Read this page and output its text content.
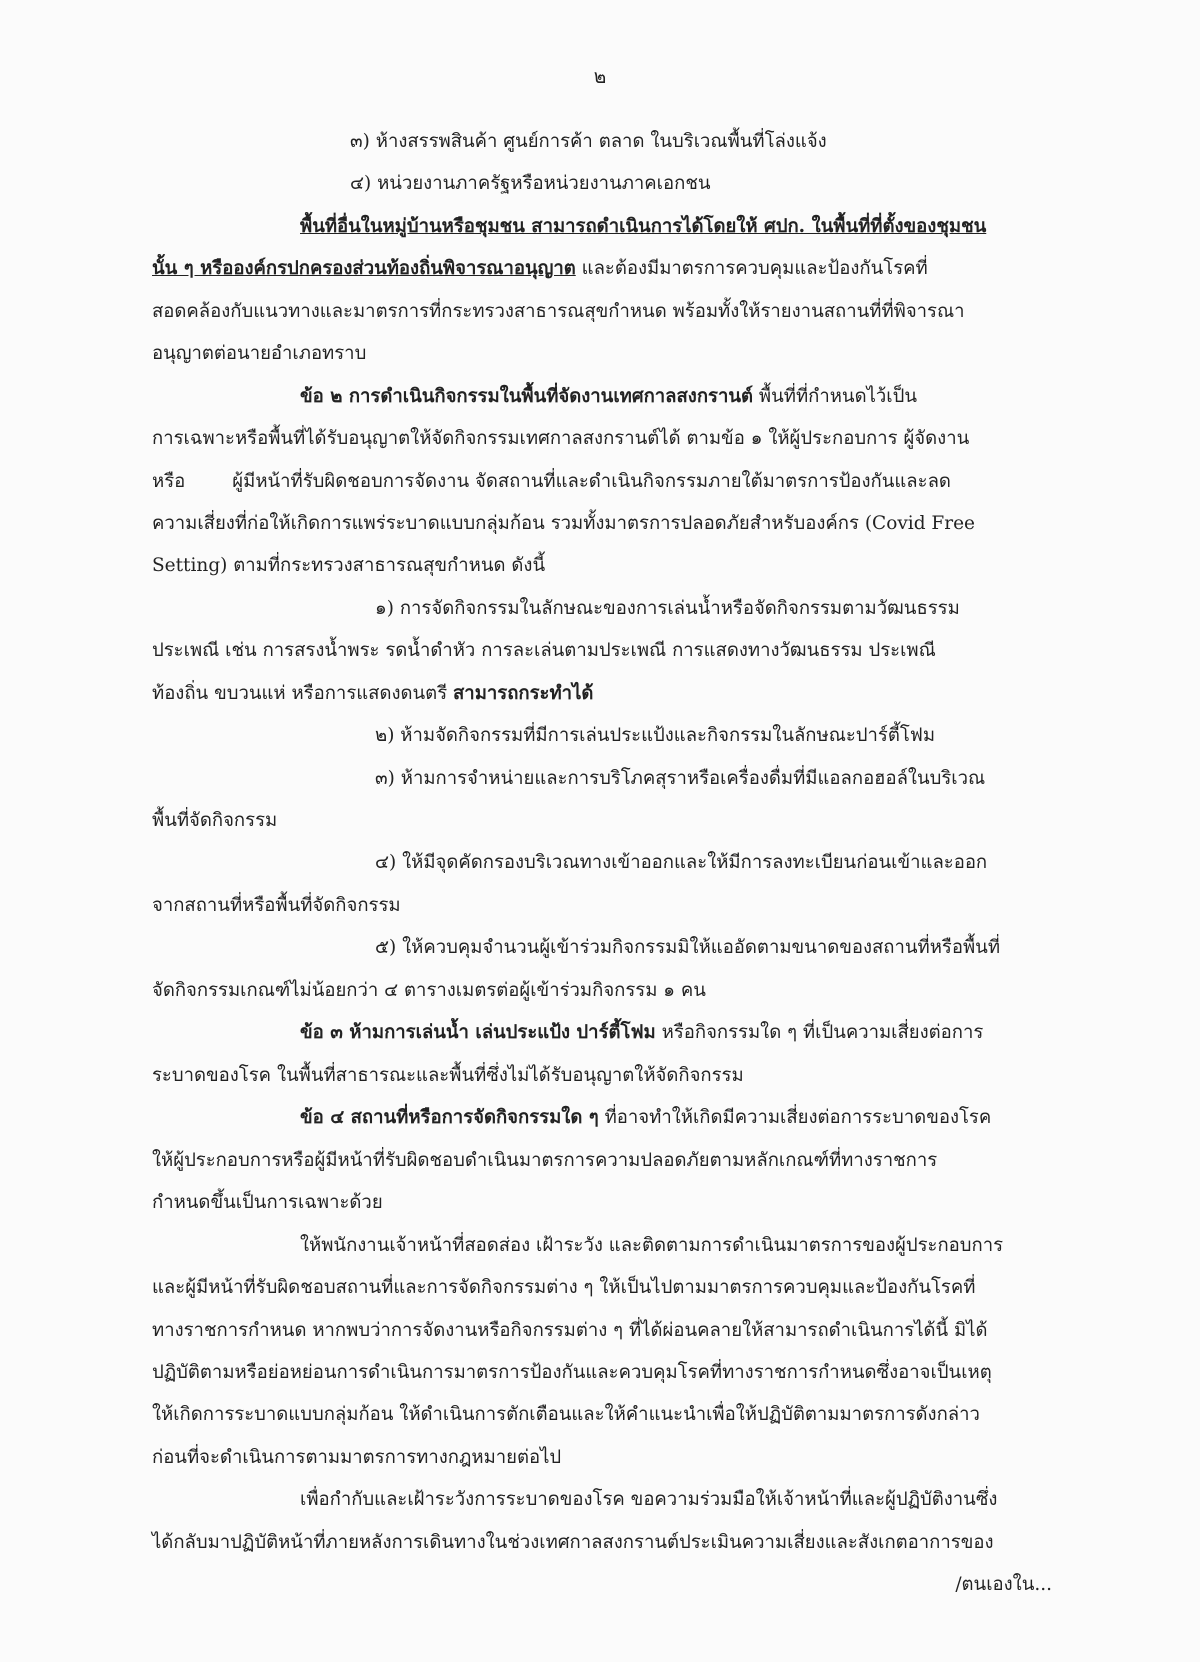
๒
๓) ห้างสรรพสินค้า ศูนย์การค้า ตลาด ในบริเวณพื้นที่โล่งแจ้ง
๔) หน่วยงานภาครัฐหรือหน่วยงานภาคเอกชน
พื้นที่อื่นในหมู่บ้านหรือชุมชน สามารถดำเนินการได้โดยให้ ศปก. ในพื้นที่ที่ตั้งของชุมชน
นั้น ๆ หรือองค์กรปกครองส่วนท้องถิ่นพิจารณาอนุญาต และต้องมีมาตรการควบคุมและป้องกันโรคที่
สอดคล้องกับแนวทางและมาตรการที่กระทรวงสาธารณสุขกำหนด พร้อมทั้งให้รายงานสถานที่ที่พิจารณา
อนุญาตต่อนายอำเภอทราบ
ข้อ ๒ การดำเนินกิจกรรมในพื้นที่จัดงานเทศกาลสงกรานต์ พื้นที่ที่กำหนดไว้เป็น
การเฉพาะหรือพื้นที่ได้รับอนุญาตให้จัดกิจกรรมเทศกาลสงกรานต์ได้ ตามข้อ ๑ ให้ผู้ประกอบการ ผู้จัดงาน
หรือ        ผู้มีหน้าที่รับผิดชอบการจัดงาน จัดสถานที่และดำเนินกิจกรรมภายใต้มาตรการป้องกันและลด
ความเสี่ยงที่ก่อให้เกิดการแพร่ระบาดแบบกลุ่มก้อน รวมทั้งมาตรการปลอดภัยสำหรับองค์กร (Covid Free
Setting) ตามที่กระทรวงสาธารณสุขกำหนด ดังนี้
๑) การจัดกิจกรรมในลักษณะของการเล่นน้ำหรือจัดกิจกรรมตามวัฒนธรรม
ประเพณี เช่น การสรงน้ำพระ รดน้ำดำหัว การละเล่นตามประเพณี การแสดงทางวัฒนธรรม ประเพณี
ท้องถิ่น ขบวนแห่ หรือการแสดงดนตรี สามารถกระทำได้
๒) ห้ามจัดกิจกรรมที่มีการเล่นประแป้งและกิจกรรมในลักษณะปาร์ตี้โฟม
๓) ห้ามการจำหน่ายและการบริโภคสุราหรือเครื่องดื่มที่มีแอลกอฮอล์ในบริเวณ
พื้นที่จัดกิจกรรม
๔) ให้มีจุดคัดกรองบริเวณทางเข้าออกและให้มีการลงทะเบียนก่อนเข้าและออก
จากสถานที่หรือพื้นที่จัดกิจกรรม
๕) ให้ควบคุมจำนวนผู้เข้าร่วมกิจกรรมมิให้แออัดตามขนาดของสถานที่หรือพื้นที่
จัดกิจกรรมเกณฑ์ไม่น้อยกว่า ๔ ตารางเมตรต่อผู้เข้าร่วมกิจกรรม ๑ คน
ข้อ ๓ ห้ามการเล่นน้ำ เล่นประแป้ง ปาร์ตี้โฟม หรือกิจกรรมใด ๆ ที่เป็นความเสี่ยงต่อการ
ระบาดของโรค ในพื้นที่สาธารณะและพื้นที่ซึ่งไม่ได้รับอนุญาตให้จัดกิจกรรม
ข้อ ๔ สถานที่หรือการจัดกิจกรรมใด ๆ ที่อาจทำให้เกิดมีความเสี่ยงต่อการระบาดของโรค
ให้ผู้ประกอบการหรือผู้มีหน้าที่รับผิดชอบดำเนินมาตรการความปลอดภัยตามหลักเกณฑ์ที่ทางราชการ
กำหนดขึ้นเป็นการเฉพาะด้วย
ให้พนักงานเจ้าหน้าที่สอดส่อง เฝ้าระวัง และติดตามการดำเนินมาตรการของผู้ประกอบการ
และผู้มีหน้าที่รับผิดชอบสถานที่และการจัดกิจกรรมต่าง ๆ ให้เป็นไปตามมาตรการควบคุมและป้องกันโรคที่
ทางราชการกำหนด หากพบว่าการจัดงานหรือกิจกรรมต่าง ๆ ที่ได้ผ่อนคลายให้สามารถดำเนินการได้นี้ มิได้
ปฏิบัติตามหรือย่อหย่อนการดำเนินการมาตรการป้องกันและควบคุมโรคที่ทางราชการกำหนดซึ่งอาจเป็นเหตุ
ให้เกิดการระบาดแบบกลุ่มก้อน ให้ดำเนินการตักเตือนและให้คำแนะนำเพื่อให้ปฏิบัติตามมาตรการดังกล่าว
ก่อนที่จะดำเนินการตามมาตรการทางกฎหมายต่อไป
เพื่อกำกับและเฝ้าระวังการระบาดของโรค ขอความร่วมมือให้เจ้าหน้าที่และผู้ปฏิบัติงานซึ่ง
ได้กลับมาปฏิบัติหน้าที่ภายหลังการเดินทางในช่วงเทศกาลสงกรานต์ประเมินความเสี่ยงและสังเกตอาการของ
/ตนเองใน...
